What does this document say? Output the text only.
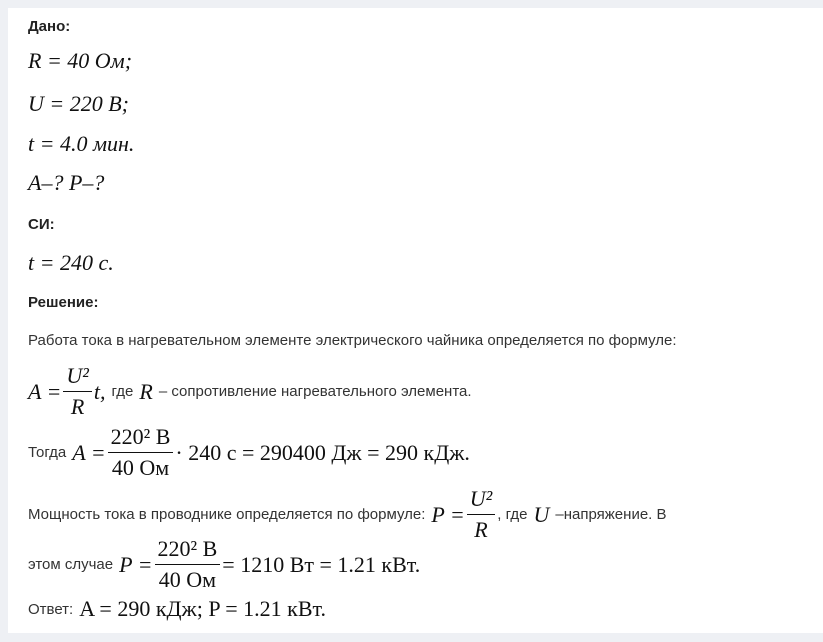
Дано:
R = 40 Ом;
U = 220 В;
t = 4.0 мин.
A–? P–?
СИ:
t = 240 с.
Решение:
Работа тока в нагревательном элементе электрического чайника определяется по формуле:
$A = \frac{\text{U²}}{R} t$, где R – сопротивление нагревательного элемента.
Тогда $A = \frac{\text{220² В}}{40 Ом} \cdot 240$ с = 290400 Дж = 290 кДж.
Мощность тока в проводнике определяется по формуле: $P = \frac{\text{U²}}{R}$ , где U –напряжение. В
этом случае $P = \frac{\text{220² В}}{40 Ом} = 1210$ Вт = 1.21 кВт.
Ответ: A = 290 кДж; P = 1.21 кВт.
